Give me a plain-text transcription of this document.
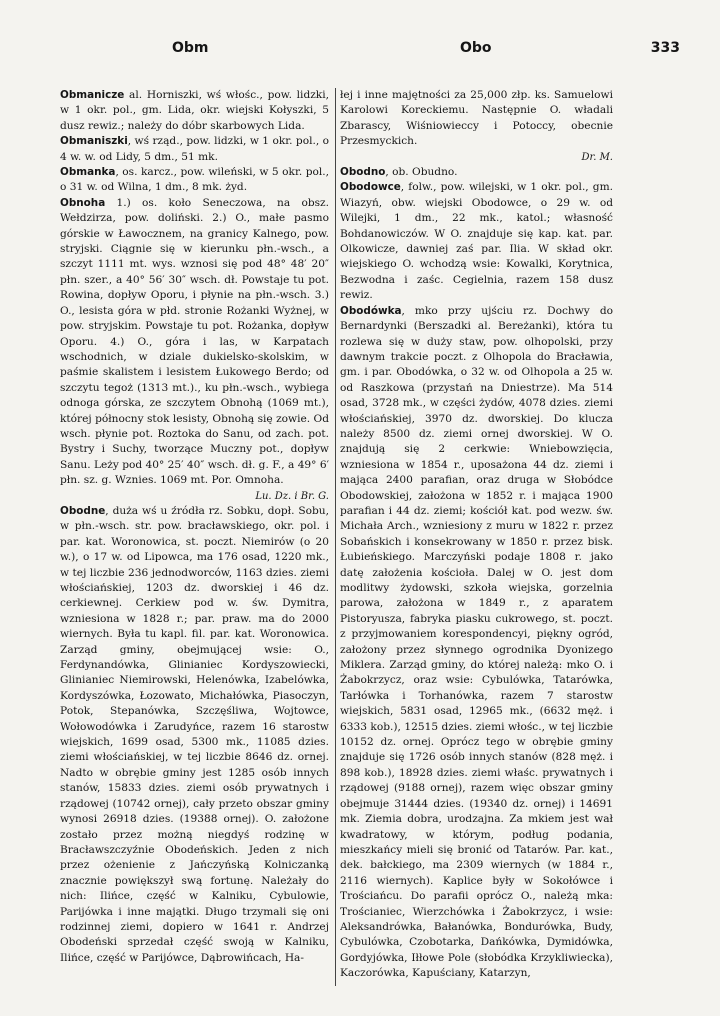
Obm	Obo	333

Obmanicze al. Horniszki, wś włośc., pow. lidzki, w 1 okr. pol., gm. Lida, okr. wiejski Kołyszki, 5 dusz rewiz.; należy do dóbr skarbowych Lida.

Obmaniszki, wś rząd., pow. lidzki, w 1 okr. pol., o 4 w. w. od Lidy, 5 dm., 51 mk.

Obmanka, os. karcz., pow. wileński, w 5 okr. pol., o 31 w. od Wilna, 1 dm., 8 mk. żyd.

Obnoha 1.) os. koło Seneczowa, na obsz. Wełdzirza, pow. doliński. 2.) O., małe pasmo górskie w Ławocznem, na granicy Kalnego, pow. stryjski. Ciągnie się w kierunku płn.-wsch., a szczyt 1111 mt. wys. wznosi się pod 48° 48′ 20″ płn. szer., a 40° 56′ 30″ wsch. dł. Powstaje tu pot. Rowina, dopływ Oporu, i płynie na płn.-wsch. 3.) O., lesista góra w płd. stronie Rożanki Wyżnej, w pow. stryjskim. Powstaje tu pot. Rożanka, dopływ Oporu. 4.) O., góra i las, w Karpatach wschodnich, w dziale dukielsko-skolskim, w paśmie skalistem i lesistem Łukowego Berdo; od szczytu tegoż (1313 mt.)., ku płn.-wsch., wybiega odnoga górska, ze szczytem Obnohą (1069 mt.), której północny stok lesisty, Obnohą się zowie. Od wsch. płynie pot. Roztoka do Sanu, od zach. pot. Bystry i Suchy, tworzące Muczny pot., dopływ Sanu. Leży pod 40° 25′ 40″ wsch. dł. g. F., a 49° 6′ płn. sz. g. Wznies. 1069 mt. Por. Omnoha.
Lu. Dz. i Br. G.

Obodne, duża wś u źródła rz. Sobku, dopł. Sobu, w płn.-wsch. str. pow. bracławskiego, okr. pol. i par. kat. Woronowica, st. poczt. Niemirów (o 20 w.), o 17 w. od Lipowca, ma 176 osad, 1220 mk., w tej liczbie 236 jednodworców, 1163 dzies. ziemi włościańskiej, 1203 dz. dworskiej i 46 dz. cerkiewnej. Cerkiew pod w. św. Dymitra, wzniesiona w 1828 r.; par. praw. ma do 2000 wiernych. Była tu kapl. fil. par. kat. Woronowica. Zarząd gminy, obejmującej wsie: O., Ferdynandówka, Glinianiec Kordyszowiecki, Glinianiec Niemirowski, Helenówka, Izabelówka, Kordyszówka, Łozowato, Michałówka, Piasoczyn, Potok, Stepanówka, Szczęśliwa, Wojtowce, Wołowodówka i Zarudyńce, razem 16 starostw wiejskich, 1699 osad, 5300 mk., 11085 dzies. ziemi włościańskiej, w tej liczbie 8646 dz. ornej. Nadto w obrębie gminy jest 1285 osób innych stanów, 15833 dzies. ziemi osób prywatnych i rządowej (10742 ornej), cały przeto obszar gminy wynosi 26918 dzies. (19388 ornej). O. założone zostało przez możną niegdyś rodzinę w Bracławszczyźnie Obodeńskich. Jeden z nich przez ożenienie z Jańczyńską Kolniczanką znacznie powiększył swą fortunę. Należały do nich: Ilińce, część w Kalniku, Cybulowie, Parijówka i inne majątki. Długo trzymali się oni rodzinnej ziemi, dopiero w 1641 r. Andrzej Obodeński sprzedał część swoją w Kalniku, Ilińce, część w Parijówce, Dąbrowińcach, Ha-

łej i inne majętności za 25,000 złp. ks. Samuelowi Karolowi Koreckiemu. Następnie O. władali Zbarascy, Wiśniowieccy i Potoccy, obecnie Przesmyckich.
Dr. M.

Obodno, ob. Obudno.

Obodowce, folw., pow. wilejski, w 1 okr. pol., gm. Wiazyń, obw. wiejski Obodowce, o 29 w. od Wilejki, 1 dm., 22 mk., katol.; własność Bohdanowiczów. W O. znajduje się kap. kat. par. Olkowicze, dawniej zaś par. Ilia. W skład okr. wiejskiego O. wchodzą wsie: Kowalki, Korytnica, Bezwodna i zaśc. Cegielnia, razem 158 dusz rewiz.

Obodówka, mko przy ujściu rz. Dochwy do Bernardynki (Berszadki al. Bereżanki), która tu rozlewa się w duży staw, pow. olhopolski, przy dawnym trakcie poczt. z Olhopola do Bracławia, gm. i par. Obodówka, o 32 w. od Olhopola a 25 w. od Raszkowa (przystań na Dniestrze). Ma 514 osad, 3728 mk., w części żydów, 4078 dzies. ziemi włościańskiej, 3970 dz. dworskiej. Do klucza należy 8500 dz. ziemi ornej dworskiej. W O. znajdują się 2 cerkwie: Wniebowzięcia, wzniesiona w 1854 r., uposażona 44 dz. ziemi i mająca 2400 parafian, oraz druga w Słobódce Obodowskiej, założona w 1852 r. i mająca 1900 parafian i 44 dz. ziemi; kościół kat. pod wezw. św. Michała Arch., wzniesiony z muru w 1822 r. przez Sobańskich i konsekrowany w 1850 r. przez bisk. Łubieńskiego. Marczyński podaje 1808 r. jako datę założenia kościoła. Dalej w O. jest dom modlitwy żydowski, szkoła wiejska, gorzelnia parowa, założona w 1849 r., z aparatem Pistoryusza, fabryka piasku cukrowego, st. poczt. z przyjmowaniem korespondencyi, piękny ogród, założony przez słynnego ogrodnika Dyonizego Miklera. Zarząd gminy, do której należą: mko O. i Żabokrzycz, oraz wsie: Cybulówka, Tatarówka, Tarłówka i Torhanówka, razem 7 starostw wiejskich, 5831 osad, 12965 mk., (6632 męż. i 6333 kob.), 12515 dzies. ziemi włośc., w tej liczbie 10152 dz. ornej. Oprócz tego w obrębie gminy znajduje się 1726 osób innych stanów (828 męż. i 898 kob.), 18928 dzies. ziemi właśc. prywatnych i rządowej (9188 ornej), razem więc obszar gminy obejmuje 31444 dzies. (19340 dz. ornej) i 14691 mk. Ziemia dobra, urodzajna. Za mkiem jest wał kwadratowy, w którym, podług podania, mieszkańcy mieli się bronić od Tatarów. Par. kat., dek. bałckiego, ma 2309 wiernych (w 1884 r., 2116 wiernych). Kaplice były w Sokołówce i Trościańcu. Do parafii oprócz O., należą mka: Trościaniec, Wierzchówka i Żabokrzycz, i wsie: Aleksandrówka, Bałanówka, Bondurówka, Budy, Cybulówka, Czobotarka, Dańkówka, Dymidówka, Gordyjówka, Iłłowe Pole (słobódka Krzykliwiecka), Kaczorówka, Kapuściany, Katarzyn,
